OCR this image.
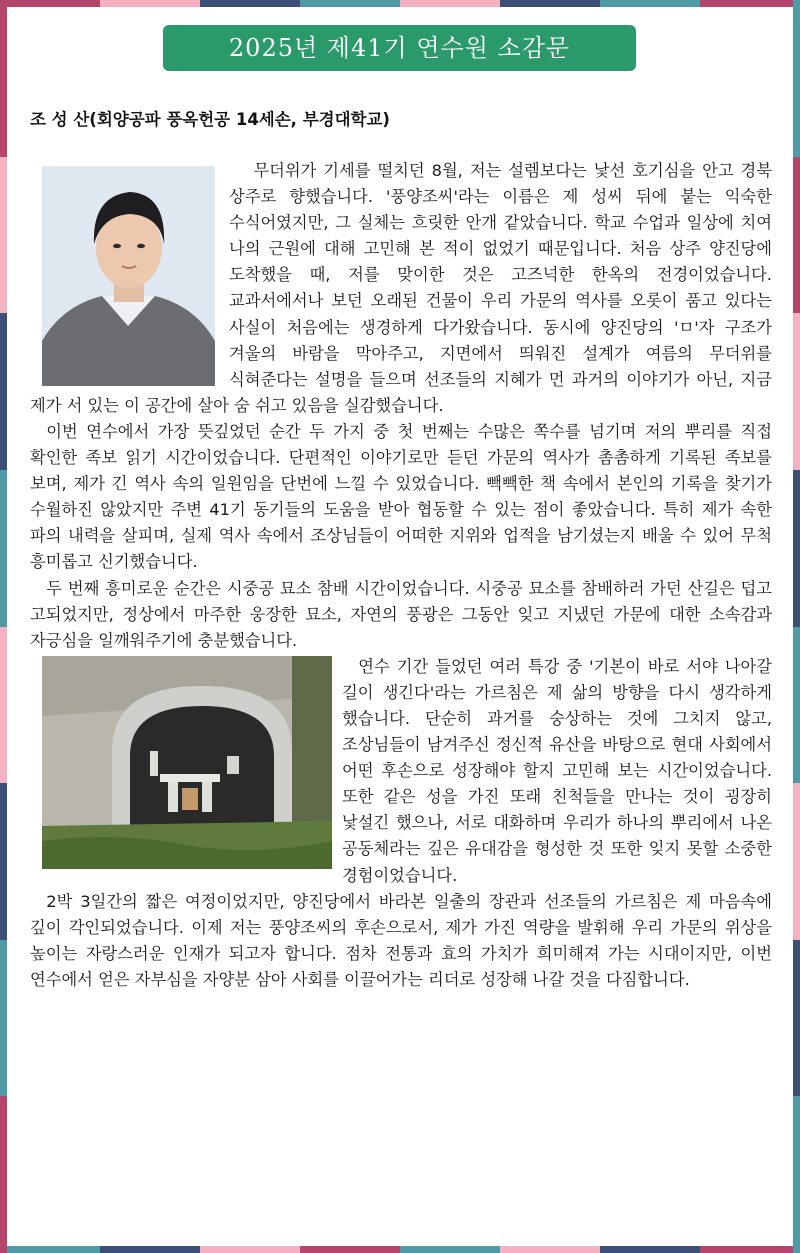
2025년 제41기 연수원 소감문
조 성 산(회양공파 풍옥헌공 14세손, 부경대학교)

무더위가 기세를 떨치던 8월, 저는 설렘보다는 낯선 호기심을 안고 경북 상주로 향했습니다. '풍양조씨'라는 이름은 제 성씨 뒤에 붙는 익숙한 수식어였지만, 그 실체는 흐릿한 안개 같았습니다. 학교 수업과 일상에 치여 나의 근원에 대해 고민해 본 적이 없었기 때문입니다. 처음 상주 양진당에 도착했을 때, 저를 맞이한 것은 고즈넉한 한옥의 전경이었습니다. 교과서에서나 보던 오래된 건물이 우리 가문의 역사를 오롯이 품고 있다는 사실이 처음에는 생경하게 다가왔습니다. 동시에 양진당의 'ㅁ'자 구조가 겨울의 바람을 막아주고, 지면에서 띄워진 설계가 여름의 무더위를 식혀준다는 설명을 들으며 선조들의 지혜가 먼 과거의 이야기가 아닌, 지금 제가 서 있는 이 공간에 살아 숨 쉬고 있음을 실감했습니다.

이번 연수에서 가장 뜻깊었던 순간 두 가지 중 첫 번째는 수많은 쪽수를 넘기며 저의 뿌리를 직접 확인한 족보 읽기 시간이었습니다. 단편적인 이야기로만 듣던 가문의 역사가 촘촘하게 기록된 족보를 보며, 제가 긴 역사 속의 일원임을 단번에 느낄 수 있었습니다. 빽빽한 책 속에서 본인의 기록을 찾기가 수월하진 않았지만 주변 41기 동기들의 도움을 받아 협동할 수 있는 점이 좋았습니다. 특히 제가 속한 파의 내력을 살피며, 실제 역사 속에서 조상님들이 어떠한 지위와 업적을 남기셨는지 배울 수 있어 무척 흥미롭고 신기했습니다.

두 번째 흥미로운 순간은 시중공 묘소 참배 시간이었습니다. 시중공 묘소를 참배하러 가던 산길은 덥고 고되었지만, 정상에서 마주한 웅장한 묘소, 자연의 풍광은 그동안 잊고 지냈던 가문에 대한 소속감과 자긍심을 일깨워주기에 충분했습니다.

연수 기간 들었던 여러 특강 중 '기본이 바로 서야 나아갈 길이 생긴다'라는 가르침은 제 삶의 방향을 다시 생각하게 했습니다. 단순히 과거를 숭상하는 것에 그치지 않고, 조상님들이 남겨주신 정신적 유산을 바탕으로 현대 사회에서 어떤 후손으로 성장해야 할지 고민해 보는 시간이었습니다. 또한 같은 성을 가진 또래 친척들을 만나는 것이 굉장히 낯설긴 했으나, 서로 대화하며 우리가 하나의 뿌리에서 나온 공동체라는 깊은 유대감을 형성한 것 또한 잊지 못할 소중한 경험이었습니다.

2박 3일간의 짧은 여정이었지만, 양진당에서 바라본 일출의 장관과 선조들의 가르침은 제 마음속에 깊이 각인되었습니다. 이제 저는 풍양조씨의 후손으로서, 제가 가진 역량을 발휘해 우리 가문의 위상을 높이는 자랑스러운 인재가 되고자 합니다. 점차 전통과 효의 가치가 희미해져 가는 시대이지만, 이번 연수에서 얻은 자부심을 자양분 삼아 사회를 이끌어가는 리더로 성장해 나갈 것을 다짐합니다.
